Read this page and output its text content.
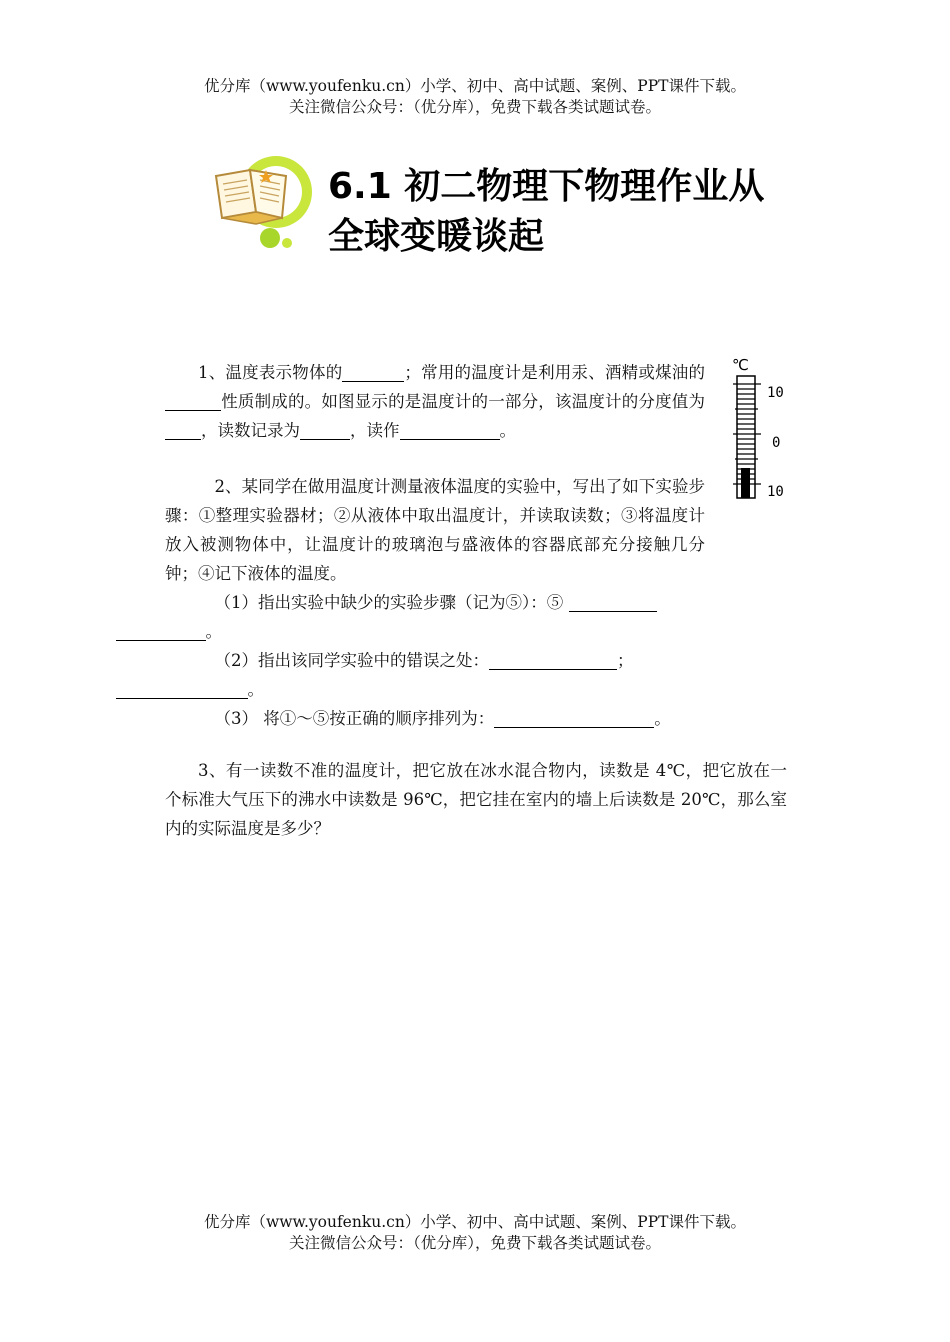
优分库（www.youfenku.cn）小学、初中、高中试题、案例、PPT课件下载。
关注微信公众号：（优分库），免费下载各类试题试卷。
6.1 初二物理下物理作业从
全球变暖谈起

1、温度表示物体的	；常用的温度计是利用汞、酒精或煤油的性质制成的。如图显示的是温度计的一部分，该温度计的分度值为，读数记录为	，读作	。

℃
10
0
10

2、某同学在做用温度计测量液体温度的实验中，写出了如下实验步骤：①整理实验器材；②从液体中取出温度计，并读取读数；③将温度计放入被测物体中，让温度计的玻璃泡与盛液体的容器底部充分接触几分钟；④记下液体的温度。

（1）指出实验中缺少的实验步骤（记为⑤）：⑤
。

（2）指出该同学实验中的错误之处：	；
。

（3） 将①～⑤按正确的顺序排列为：	。

3、有一读数不准的温度计，把它放在冰水混合物内，读数是 4℃，把它放在一个标准大气压下的沸水中读数是 96℃，把它挂在室内的墙上后读数是 20℃，那么室内的实际温度是多少？

优分库（www.youfenku.cn）小学、初中、高中试题、案例、PPT课件下载。
关注微信公众号：（优分库），免费下载各类试题试卷。
